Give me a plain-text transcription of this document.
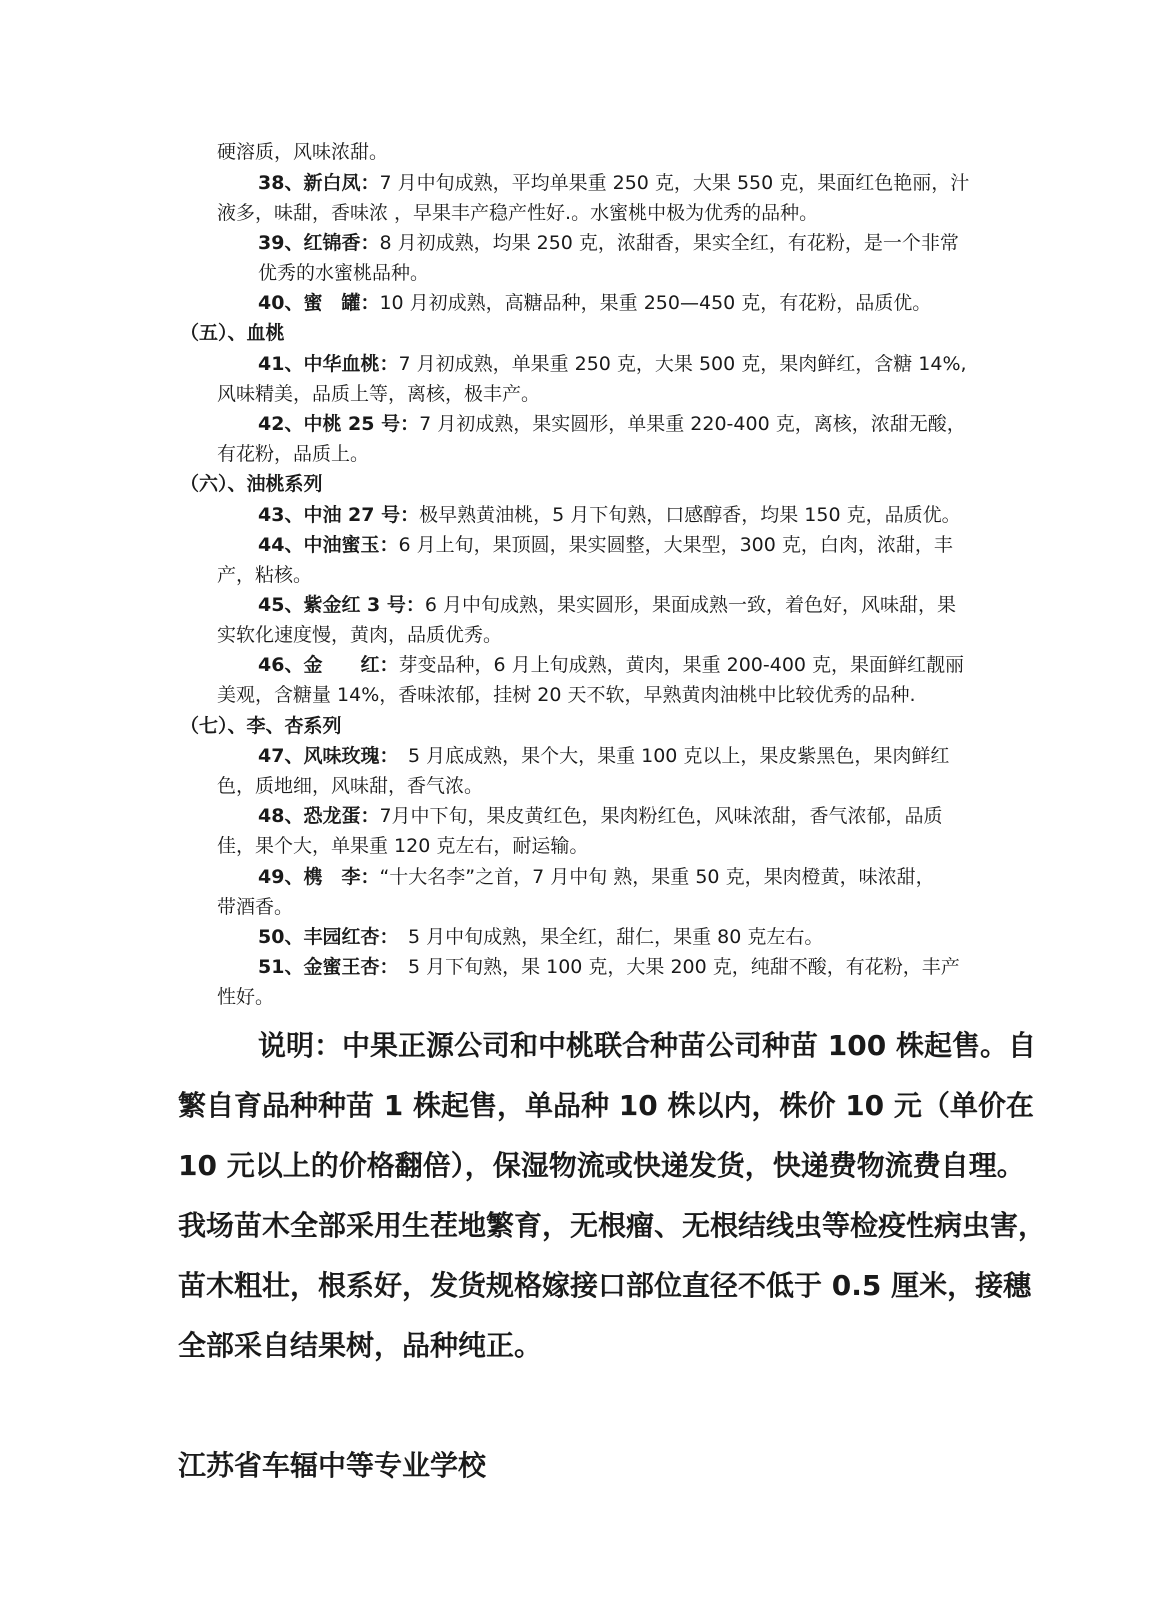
硬溶质，风味浓甜。
38、新白凤：7 月中旬成熟，平均单果重 250 克，大果 550 克，果面红色艳丽，汁
液多，味甜，香味浓 ，早果丰产稳产性好.。水蜜桃中极为优秀的品种。
39、红锦香：8 月初成熟，均果 250 克，浓甜香，果实全红，有花粉，是一个非常
优秀的水蜜桃品种。
40、蜜　罐：10 月初成熟，高糖品种，果重 250—450 克，有花粉，品质优。
（五）、血桃
41、中华血桃：7 月初成熟，单果重 250 克，大果 500 克，果肉鲜红，含糖 14%,
风味精美，品质上等，离核，极丰产。
42、中桃 25 号：7 月初成熟，果实圆形，单果重 220-400 克，离核，浓甜无酸，
有花粉，品质上。
（六）、油桃系列
43、中油 27 号：极早熟黄油桃，5 月下旬熟，口感醇香，均果 150 克，品质优。
44、中油蜜玉：6 月上旬，果顶圆，果实圆整，大果型，300 克，白肉，浓甜，丰
产，粘核。
45、紫金红 3 号：6 月中旬成熟，果实圆形，果面成熟一致，着色好，风味甜，果
实软化速度慢，黄肉，品质优秀。
46、金　　红：芽变品种，6 月上旬成熟，黄肉，果重 200-400 克，果面鲜红靓丽
美观，含糖量 14%，香味浓郁，挂树 20 天不软，早熟黄肉油桃中比较优秀的品种.
（七）、李、杏系列
47、风味玫瑰：　5 月底成熟，果个大，果重 100 克以上，果皮紫黑色，果肉鲜红
色，质地细，风味甜，香气浓。
48、恐龙蛋：7月中下旬，果皮黄红色，果肉粉红色，风味浓甜，香气浓郁，品质
佳，果个大，单果重 120 克左右，耐运输。
49、槜　李：“十大名李”之首，7 月中旬 熟，果重 50 克，果肉橙黄，味浓甜，
带酒香。
50、丰园红杏：　5 月中旬成熟，果全红，甜仁，果重 80 克左右。
51、金蜜王杏：　5 月下旬熟，果 100 克，大果 200 克，纯甜不酸，有花粉，丰产
性好。
说明：中果正源公司和中桃联合种苗公司种苗 100 株起售。自
繁自育品种种苗 1 株起售，单品种 10 株以内，株价 10 元（单价在
10 元以上的价格翻倍），保湿物流或快递发货，快递费物流费自理。
我场苗木全部采用生茬地繁育，无根瘤、无根结线虫等检疫性病虫害，
苗木粗壮，根系好，发货规格嫁接口部位直径不低于 0.5 厘米，接穗
全部采自结果树，品种纯正。
江苏省车辐中等专业学校
